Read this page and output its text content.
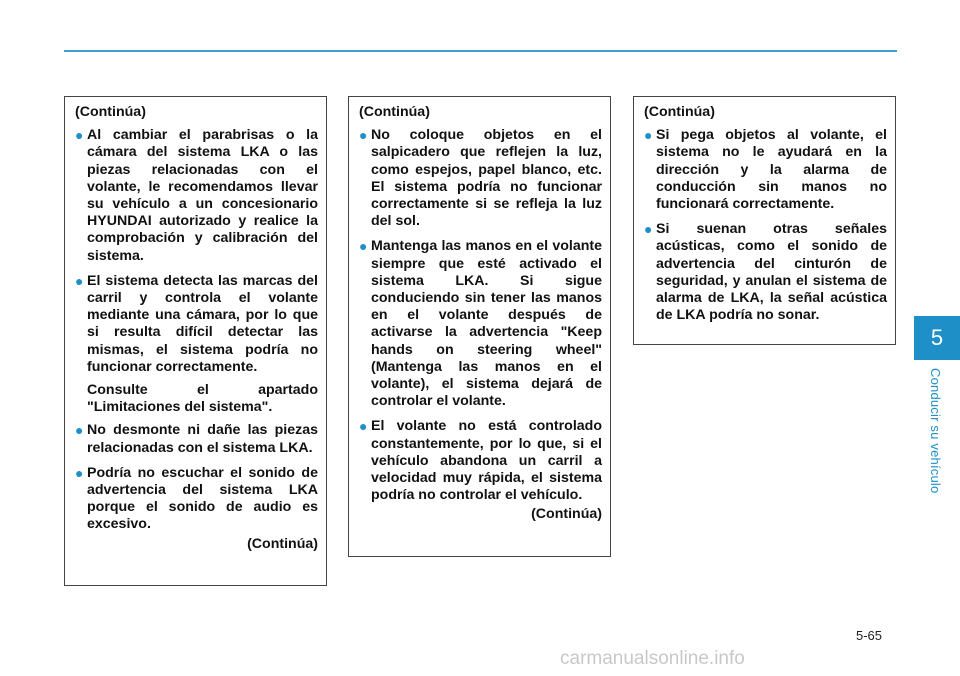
(Continúa)

● Al cambiar el parabrisas o la cámara del sistema LKA o las piezas relacionadas con el volante, le recomendamos llevar su vehículo a un concesionario HYUNDAI autorizado y realice la comprobación y calibración del sistema.
● El sistema detecta las marcas del carril y controla el volante mediante una cámara, por lo que si resulta difícil detectar las mismas, el sistema podría no funcionar correctamente.

Consulte el apartado "Limitaciones del sistema".

● No desmonte ni dañe las piezas relacionadas con el sistema LKA.
● Podría no escuchar el sonido de advertencia del sistema LKA porque el sonido de audio es excesivo.

(Continúa)

(Continúa)

● No coloque objetos en el salpicadero que reflejen la luz, como espejos, papel blanco, etc. El sistema podría no funcionar correctamente si se refleja la luz del sol.
● Mantenga las manos en el volante siempre que esté activado el sistema LKA. Si sigue conduciendo sin tener las manos en el volante después de activarse la advertencia "Keep hands on steering wheel"(Mantenga las manos en el volante), el sistema dejará de controlar el volante.
● El volante no está controlado constantemente, por lo que, si el vehículo abandona un carril a velocidad muy rápida, el sistema podría no controlar el vehículo.

(Continúa)

(Continúa)

● Si pega objetos al volante, el sistema no le ayudará en la dirección y la alarma de conducción sin manos no funcionará correctamente.
● Si suenan otras señales acústicas, como el sonido de advertencia del cinturón de seguridad, y anulan el sistema de alarma de LKA, la señal acústica de LKA podría no sonar.
5
Conducir su vehículo
5-65
carmanualsonline.info
